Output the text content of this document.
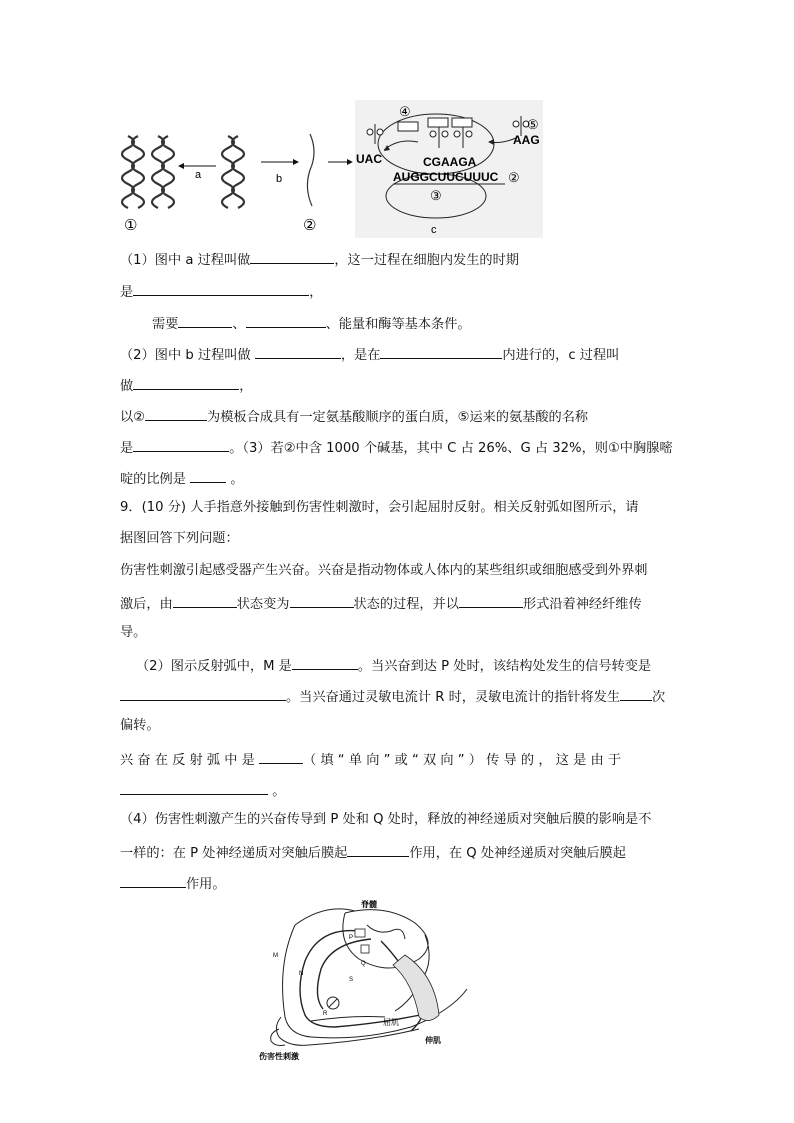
a	b
①	②
④
⑤
UAC
AAG
CGAAGA
AUGGCUUCUUUC ②
③
c
（1）图中 a 过程叫做	，这一过程在细胞内发生的时期
是	，
需要	、	、能量和酶等基本条件。
（2）图中 b 过程叫做	，是在	内进行的，c 过程叫
做	，
以②	为模板合成具有一定氨基酸顺序的蛋白质，⑤运来的氨基酸的名称
是	。（3）若②中含 1000 个碱基，其中 C 占 26%、G 占 32%，则①中胸腺嘧
啶的比例是	。
9．(10 分) 人手指意外接触到伤害性刺激时，会引起屈肘反射。相关反射弧如图所示，请
据图回答下列问题：
伤害性刺激引起感受器产生兴奋。兴奋是指动物体或人体内的某些组织或细胞感受到外界刺
激后，由	状态变为	状态的过程，并以	形式沿着神经纤维传
导。
（2）图示反射弧中，M 是	。当兴奋到达 P 处时，该结构处发生的信号转变是
。当兴奋通过灵敏电流计 R 时，灵敏电流计的指针将发生 次
偏转。
兴 奋 在 反 射 弧 中 是	（ 填 “ 单 向 ” 或 “ 双 向 ” ） 传 导 的 ， 这 是 由 于
。
（4）伤害性刺激产生的兴奋传导到 P 处和 Q 处时，释放的神经递质对突触后膜的影响是不
一样的：在 P 处神经递质对突触后膜起	作用，在 Q 处神经递质对突触后膜起
作用。
脊髓
P
Q
M
N
S
R
屈肌
伸肌
伤害性刺激
